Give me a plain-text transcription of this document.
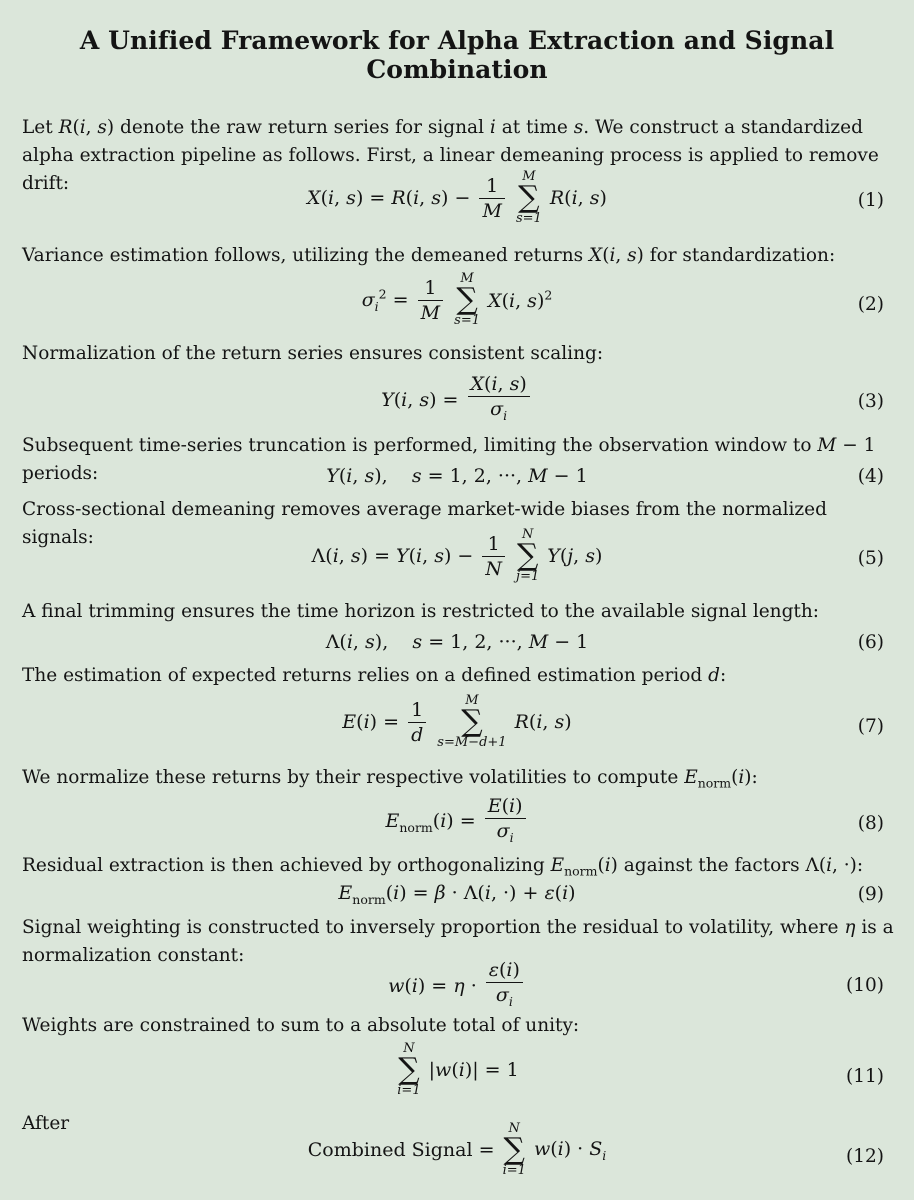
A Unified Framework for Alpha Extraction and Signal Combination

Let R(i, s) denote the raw return series for signal i at time s. We construct a standardized alpha extraction pipeline as follows. First, a linear demeaning process is applied to remove drift:

X(i, s) = R(i, $s) - \frac{1}{M}$
	M
∑
s=1
R(i, s)	(1)

Variance estimation follows, utilizing the demeaned returns X(i, s) for standardization:

$\sigma_i^2 = \frac{1}{M}$
	M
∑
s=1
X(i, s)$^2$	(2)

Normalization of the return series ensures consistent scaling:

Y(i, $s) = \frac{X(i, s)}{\sigma_i}$	(3)

Subsequent time-series truncation is performed, limiting the observation window to M − 1 periods:	Y(i, s),    s = 1, 2, ···, M − 1	(4)

Cross-sectional demeaning removes average market-wide biases from the normalized signals:

Λ(i, s) = Y(i, $s) - \frac{1}{N}$
	N
∑
j=1
Y(j, s)	(5)

A final trimming ensures the time horizon is restricted to the available signal length:

Λ(i, s),    s = 1, 2, ···, M − 1	(6)

The estimation of expected returns relies on a defined estimation period d:

$E(i) = \frac{1}{d}$
	M
∑
s=M−d+1
R(i, s)	(7)

We normalize these returns by their respective volatilities to compute $E_{norm}(i)$:

$E_{norm}(i) = \frac{E(i)}{\sigma_i}$	(8)

Residual extraction is then achieved by orthogonalizing $E_{norm}(i)$ against the factors Λ(i, ·):

$E_{norm}(i) = \beta \cdot \Lambda(i$, ·) + ε(i)	(9)

Signal weighting is constructed to inversely proportion the residual to volatility, where η is a normalization constant:

$w(i) = \eta \cdot \frac{\varepsilon(i)}{\sigma_i}$	(10)

Weights are constrained to sum to a absolute total of unity:

N
∑
i=1
|w(i)| = 1	(11)

After

Combined Signal =
N
∑
i=1
$w(i) \cdot S_i$	(12)
